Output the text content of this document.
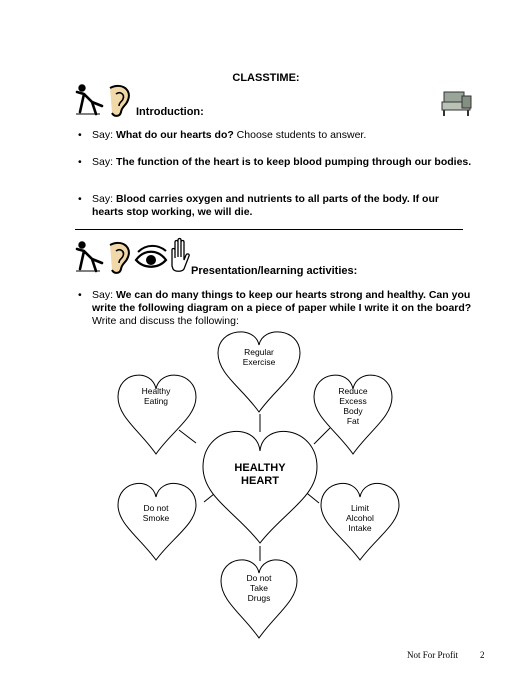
CLASSTIME:
Introduction:
• Say: What do our hearts do? Choose students to answer.
• Say: The function of the heart is to keep blood pumping through our bodies.
• Say: Blood carries oxygen and nutrients to all parts of the body. If our hearts stop working, we will die.
Presentation/learning activities:
• Say: We can do many things to keep our hearts strong and healthy. Can you write the following diagram on a piece of paper while I write it on the board? Write and discuss the following:
HEALTHY
HEART
Regular
Exercise
Healthy
Eating
Reduce
Excess
Body
Fat
Do not
Smoke
Limit
Alcohol
Intake
Do not
Take
Drugs
Not For Profit 2
